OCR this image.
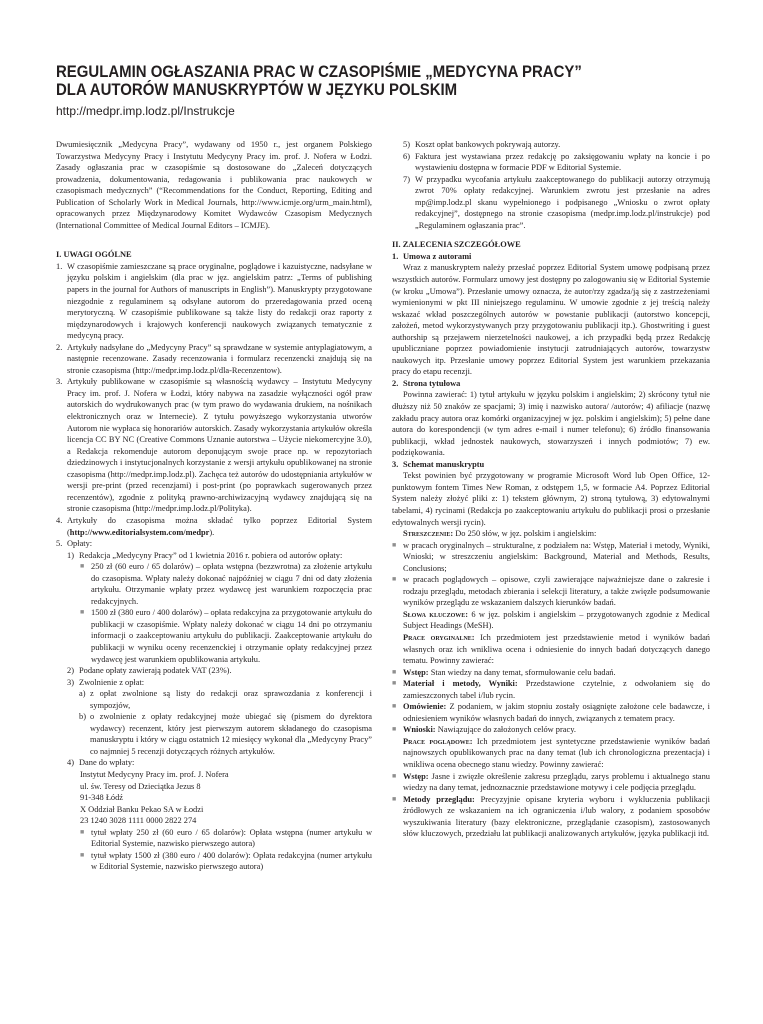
REGULAMIN OGŁASZANIA PRAC W CZASOPIŚMIE „MEDYCYNA PRACY”
DLA AUTORÓW MANUSKRYPTÓW W JĘZYKU POLSKIM
http://medpr.imp.lodz.pl/Instrukcje

Dwumiesięcznik „Medycyna Pracy”, wydawany od 1950 r., jest organem Polskiego Towarzystwa Medycyny Pracy i Instytutu Medycyny Pracy im. prof. J. Nofera w Łodzi. Zasady ogłaszania prac w czasopiśmie są dostosowane do „Zaleceń dotyczących prowadzenia, dokumentowania, redagowania i publikowania prac naukowych w czasopismach medycznych” (“Recommendations for the Conduct, Reporting, Editing and Publication of Scholarly Work in Medical Journals, http://www.icmje.org/urm_main.html), opracowanych przez Międzynarodowy Komitet Wydawców Czasopism Medycznych (International Committee of Medical Journal Editors – ICMJE).

I. UWAGI OGÓLNE

1. W czasopiśmie zamieszczane są prace oryginalne, poglądowe i kazuistyczne, nadsyłane w języku polskim i angielskim (dla prac w jęz. angielskim patrz: „Terms of publishing papers in the journal for Authors of manuscripts in English”). Manuskrypty przygotowane niezgodnie z regulaminem są odsyłane autorom do przeredagowania przed oceną merytoryczną. W czasopiśmie publikowane są także listy do redakcji oraz raporty z międzynarodowych i krajowych konferencji naukowych związanych tematycznie z medycyną pracy.
2. Artykuły nadsyłane do „Medycyny Pracy” są sprawdzane w systemie antyplagiatowym, a następnie recenzowane. Zasady recenzowania i formularz recenzencki znajdują się na stronie czasopisma (http://medpr.imp.lodz.pl/dla-Recenzentow).
3. Artykuły publikowane w czasopiśmie są własnością wydawcy – Instytutu Medycyny Pracy im. prof. J. Nofera w Łodzi, który nabywa na zasadzie wyłączności ogół praw autorskich do wydrukowanych prac (w tym prawo do wydawania drukiem, na nośnikach elektronicznych oraz w Internecie). Z tytułu powyższego wykorzystania utworów Autorom nie wypłaca się honorariów autorskich. Zasady wykorzystania artykułów określa licencja CC BY NC (Creative Commons Uznanie autorstwa – Użycie niekomercyjne 3.0), a Redakcja rekomenduje autorom deponującym swoje prace np. w repozytoriach dziedzinowych i instytucjonalnych korzystanie z wersji artykułu opublikowanej na stronie czasopisma (http://medpr.imp.lodz.pl). Zachęca też autorów do udostępniania artykułów w wersji pre-print (przed recenzjami) i post-print (po poprawkach sugerowanych przez recenzentów), zgodnie z polityką prawno-archiwizacyjną wydawcy znajdującą się na stronie czasopisma (http://medpr.imp.lodz.pl/Polityka).
4. Artykuły do czasopisma można składać tylko poprzez Editorial System (http://www.editorialsystem.com/medpr).
5. Opłaty:
1) Redakcja „Medycyny Pracy” od 1 kwietnia 2016 r. pobiera od autorów opłaty:
■ 250 zł (60 euro / 65 dolarów) – opłata wstępna (bezzwrotna) za złożenie artykułu do czasopisma. Wpłaty należy dokonać najpóźniej w ciągu 7 dni od daty złożenia artykułu. Otrzymanie wpłaty przez wydawcę jest warunkiem rozpoczęcia prac redakcyjnych.
■ 1500 zł (380 euro / 400 dolarów) – opłata redakcyjna za przygotowanie artykułu do publikacji w czasopiśmie. Wpłaty należy dokonać w ciągu 14 dni po otrzymaniu informacji o zaakceptowaniu artykułu do publikacji. Zaakceptowanie artykułu do publikacji w wyniku oceny recenzenckiej i otrzymanie opłaty redakcyjnej przez wydawcę jest warunkiem opublikowania artykułu.
2) Podane opłaty zawierają podatek VAT (23%).
3) Zwolnienie z opłat:
a) z opłat zwolnione są listy do redakcji oraz sprawozdania z konferencji i sympozjów,
b) o zwolnienie z opłaty redakcyjnej może ubiegać się (pismem do dyrektora wydawcy) recenzent, który jest pierwszym autorem składanego do czasopisma manuskryptu i który w ciągu ostatnich 12 miesięcy wykonał dla „Medycyny Pracy” co najmniej 5 recenzji dotyczących różnych artykułów.
4) Dane do wpłaty:

Instytut Medycyny Pracy im. prof. J. Nofera

ul. św. Teresy od Dzieciątka Jezus 8

91-348 Łódź

X Oddział Banku Pekao SA w Łodzi

23 1240 3028 1111 0000 2822 274

■ tytuł wpłaty 250 zł (60 euro / 65 dolarów): Opłata wstępna (numer artykułu w Editorial Systemie, nazwisko pierwszego autora)
■ tytuł wpłaty 1500 zł (380 euro / 400 dolarów): Opłata redakcyjna (numer artykułu w Editorial Systemie, nazwisko pierwszego autora)
5) Koszt opłat bankowych pokrywają autorzy.
6) Faktura jest wystawiana przez redakcję po zaksięgowaniu wpłaty na koncie i po wystawieniu dostępna w formacie PDF w Editorial Systemie.
7) W przypadku wycofania artykułu zaakceptowanego do publikacji autorzy otrzymują zwrot 70% opłaty redakcyjnej. Warunkiem zwrotu jest przesłanie na adres mp@imp.lodz.pl skanu wypełnionego i podpisanego „Wniosku o zwrot opłaty redakcyjnej”, dostępnego na stronie czasopisma (medpr.imp.lodz.pl/instrukcje) pod „Regulaminem ogłaszania prac”.

II. ZALECENIA SZCZEGÓŁOWE

1. Umowa z autorami

Wraz z manuskryptem należy przesłać poprzez Editorial System umowę podpisaną przez wszystkich autorów. Formularz umowy jest dostępny po zalogowaniu się w Editorial Systemie (w kroku „Umowa”). Przesłanie umowy oznacza, że autor/rzy zgadza/ją się z zastrzeżeniami wymienionymi w pkt III niniejszego regulaminu. W umowie zgodnie z jej treścią należy wskazać wkład poszczególnych autorów w powstanie publikacji (autorstwo koncepcji, założeń, metod wykorzystywanych przy przygotowaniu publikacji itp.). Ghostwriting i guest authorship są przejawem nierzetelności naukowej, a ich przypadki będą przez Redakcję upubliczniane poprzez powiadomienie instytucji zatrudniających autorów, towarzystw naukowych itp. Przesłanie umowy poprzez Editorial System jest warunkiem przekazania pracy do etapu recenzji.

2. Strona tytułowa

Powinna zawierać: 1) tytuł artykułu w języku polskim i angielskim; 2) skrócony tytuł nie dłuższy niż 50 znaków ze spacjami; 3) imię i nazwisko autora/ /autorów; 4) afiliacje (nazwę zakładu pracy autora oraz komórki organizacyjnej w jęz. polskim i angielskim); 5) pełne dane autora do korespondencji (w tym adres e-mail i numer telefonu); 6) źródło finansowania publikacji, wkład jednostek naukowych, stowarzyszeń i innych podmiotów; 7) ew. podziękowania.

3. Schemat manuskryptu

Tekst powinien być przygotowany w programie Microsoft Word lub Open Office, 12-punktowym fontem Times New Roman, z odstępem 1,5, w formacie A4. Poprzez Editorial System należy złożyć pliki z: 1) tekstem głównym, 2) stroną tytułową, 3) edytowalnymi tabelami, 4) rycinami (Redakcja po zaakceptowaniu artykułu do publikacji prosi o przesłanie edytowalnych wersji rycin).

Streszczenie: Do 250 słów, w jęz. polskim i angielskim:

■ w pracach oryginalnych – strukturalne, z podziałem na: Wstęp, Materiał i metody, Wyniki, Wnioski; w streszczeniu angielskim: Background, Material and Methods, Results, Conclusions;
■ w pracach poglądowych – opisowe, czyli zawierające najważniejsze dane o zakresie i rodzaju przeglądu, metodach zbierania i selekcji literatury, a także zwięzłe podsumowanie wyników przeglądu ze wskazaniem dalszych kierunków badań.

Słowa kluczowe: 6 w jęz. polskim i angielskim – przygotowanych zgodnie z Medical Subject Headings (MeSH).

Prace oryginalne: Ich przedmiotem jest przedstawienie metod i wyników badań własnych oraz ich wnikliwa ocena i odniesienie do innych badań dotyczących danego tematu. Powinny zawierać:

■ Wstęp: Stan wiedzy na dany temat, sformułowanie celu badań.
■ Materiał i metody, Wyniki: Przedstawione czytelnie, z odwołaniem się do zamieszczonych tabel i/lub rycin.
■ Omówienie: Z podaniem, w jakim stopniu zostały osiągnięte założone cele badawcze, i odniesieniem wyników własnych badań do innych, związanych z tematem pracy.
■ Wnioski: Nawiązujące do założonych celów pracy.

Prace poglądowe: Ich przedmiotem jest syntetyczne przedstawienie wyników badań najnowszych opublikowanych prac na dany temat (lub ich chronologiczna prezentacja) i wnikliwa ocena obecnego stanu wiedzy. Powinny zawierać:

■ Wstęp: Jasne i zwięzłe określenie zakresu przeglądu, zarys problemu i aktualnego stanu wiedzy na dany temat, jednoznacznie przedstawione motywy i cele podjęcia przeglądu.
■ Metody przeglądu: Precyzyjnie opisane kryteria wyboru i wykluczenia publikacji źródłowych ze wskazaniem na ich ograniczenia i/lub walory, z podaniem sposobów wyszukiwania literatury (bazy elektroniczne, przeglądanie czasopism), zastosowanych słów kluczowych, przedziału lat publikacji analizowanych artykułów, języka publikacji itd.
